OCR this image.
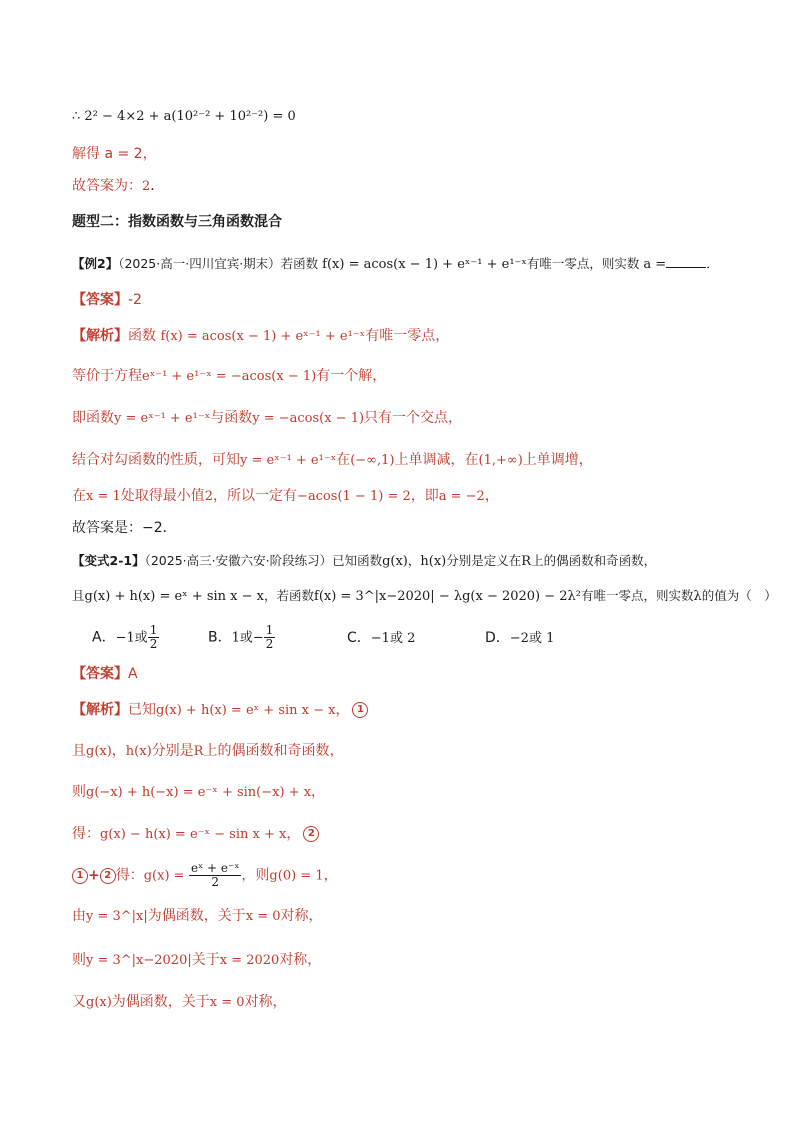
∴ 2² − 4×2 + a(10²⁻² + 10²⁻²) = 0
解得 a = 2，
故答案为：2．
题型二：指数函数与三角函数混合
【例2】（2025·高一·四川宜宾·期末）若函数 f(x) = acos(x − 1) + eˣ⁻¹ + e¹⁻ˣ有唯一零点，则实数 a =	．
【答案】-2
【解析】函数 f(x) = acos(x − 1) + eˣ⁻¹ + e¹⁻ˣ有唯一零点，
等价于方程eˣ⁻¹ + e¹⁻ˣ = −acos(x − 1)有一个解，
即函数y = eˣ⁻¹ + e¹⁻ˣ与函数y = −acos(x − 1)只有一个交点，
结合对勾函数的性质，可知y = eˣ⁻¹ + e¹⁻ˣ在(−∞,1)上单调减，在(1,+∞)上单调增，
在x = 1处取得最小值2，所以一定有−acos(1 − 1) = 2，即a = −2，
故答案是：−2．
【变式2-1】（2025·高三·安徽六安·阶段练习）已知函数g(x)，h(x)分别是定义在R上的偶函数和奇函数，
且g(x) + h(x) = eˣ + sin x − x，若函数f(x) = 3^|x−2020| − λg(x − 2020) − 2λ²有唯一零点，则实数λ的值为（　）
A．−1或 $\frac{1}{2}$	B．1或− $\frac{1}{2}$	C．−1或 2	D．−2或 1
【答案】A
【解析】已知g(x) + h(x) = eˣ + sin x − x， 1
且g(x)，h(x)分别是R上的偶函数和奇函数，
则g(−x) + h(−x) = e⁻ˣ + sin(−x) + x，
得：g(x) − h(x) = e⁻ˣ − sin x + x， 2
1 + 2 得：$g(x) = \frac{\text{eˣ + e⁻ˣ}}{2}$ ，则g(0) = 1，
由y = 3^|x|为偶函数，关于x = 0对称，
则y = 3^|x−2020|关于x = 2020对称，
又g(x)为偶函数，关于x = 0对称，
